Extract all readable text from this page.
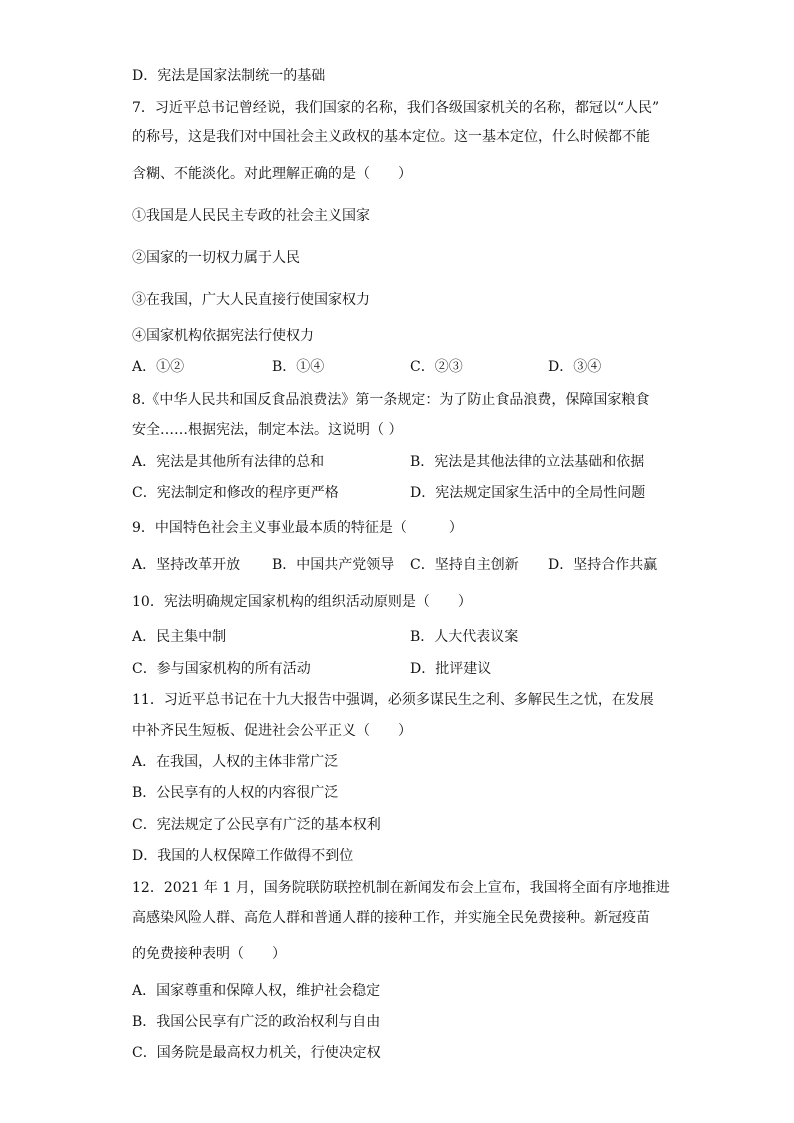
D．宪法是国家法制统一的基础
7．习近平总书记曾经说，我们国家的名称，我们各级国家机关的名称，都冠以“人民”
的称号，这是我们对中国社会主义政权的基本定位。这一基本定位，什么时候都不能
含糊、不能淡化。对此理解正确的是（　　）
①我国是人民民主专政的社会主义国家
②国家的一切权力属于人民
③在我国，广大人民直接行使国家权力
④国家机构依据宪法行使权力
A．①②	B．①④	C．②③	D．③④
8.《中华人民共和国反食品浪费法》第一条规定：为了防止食品浪费，保障国家粮食
安全……根据宪法，制定本法。这说明（ ）
A．宪法是其他所有法律的总和	B．宪法是其他法律的立法基础和依据
C．宪法制定和修改的程序更严格	D．宪法规定国家生活中的全局性问题
9．中国特色社会主义事业最本质的特征是（　　　）
A．坚持改革开放 B．中国共产党领导 C．坚持自主创新 D．坚持合作共赢
10．宪法明确规定国家机构的组织活动原则是（　　）
A．民主集中制	B．人大代表议案
C．参与国家机构的所有活动	D．批评建议
11．习近平总书记在十九大报告中强调，必须多谋民生之利、多解民生之忧，在发展
中补齐民生短板、促进社会公平正义（　　）
A．在我国，人权的主体非常广泛
B．公民享有的人权的内容很广泛
C．宪法规定了公民享有广泛的基本权利
D．我国的人权保障工作做得不到位
12．2021 年 1 月，国务院联防联控机制在新闻发布会上宣布，我国将全面有序地推进
高感染风险人群、高危人群和普通人群的接种工作，并实施全民免费接种。新冠疫苗
的免费接种表明（　　）
A．国家尊重和保障人权，维护社会稳定
B．我国公民享有广泛的政治权利与自由
C．国务院是最高权力机关，行使决定权
